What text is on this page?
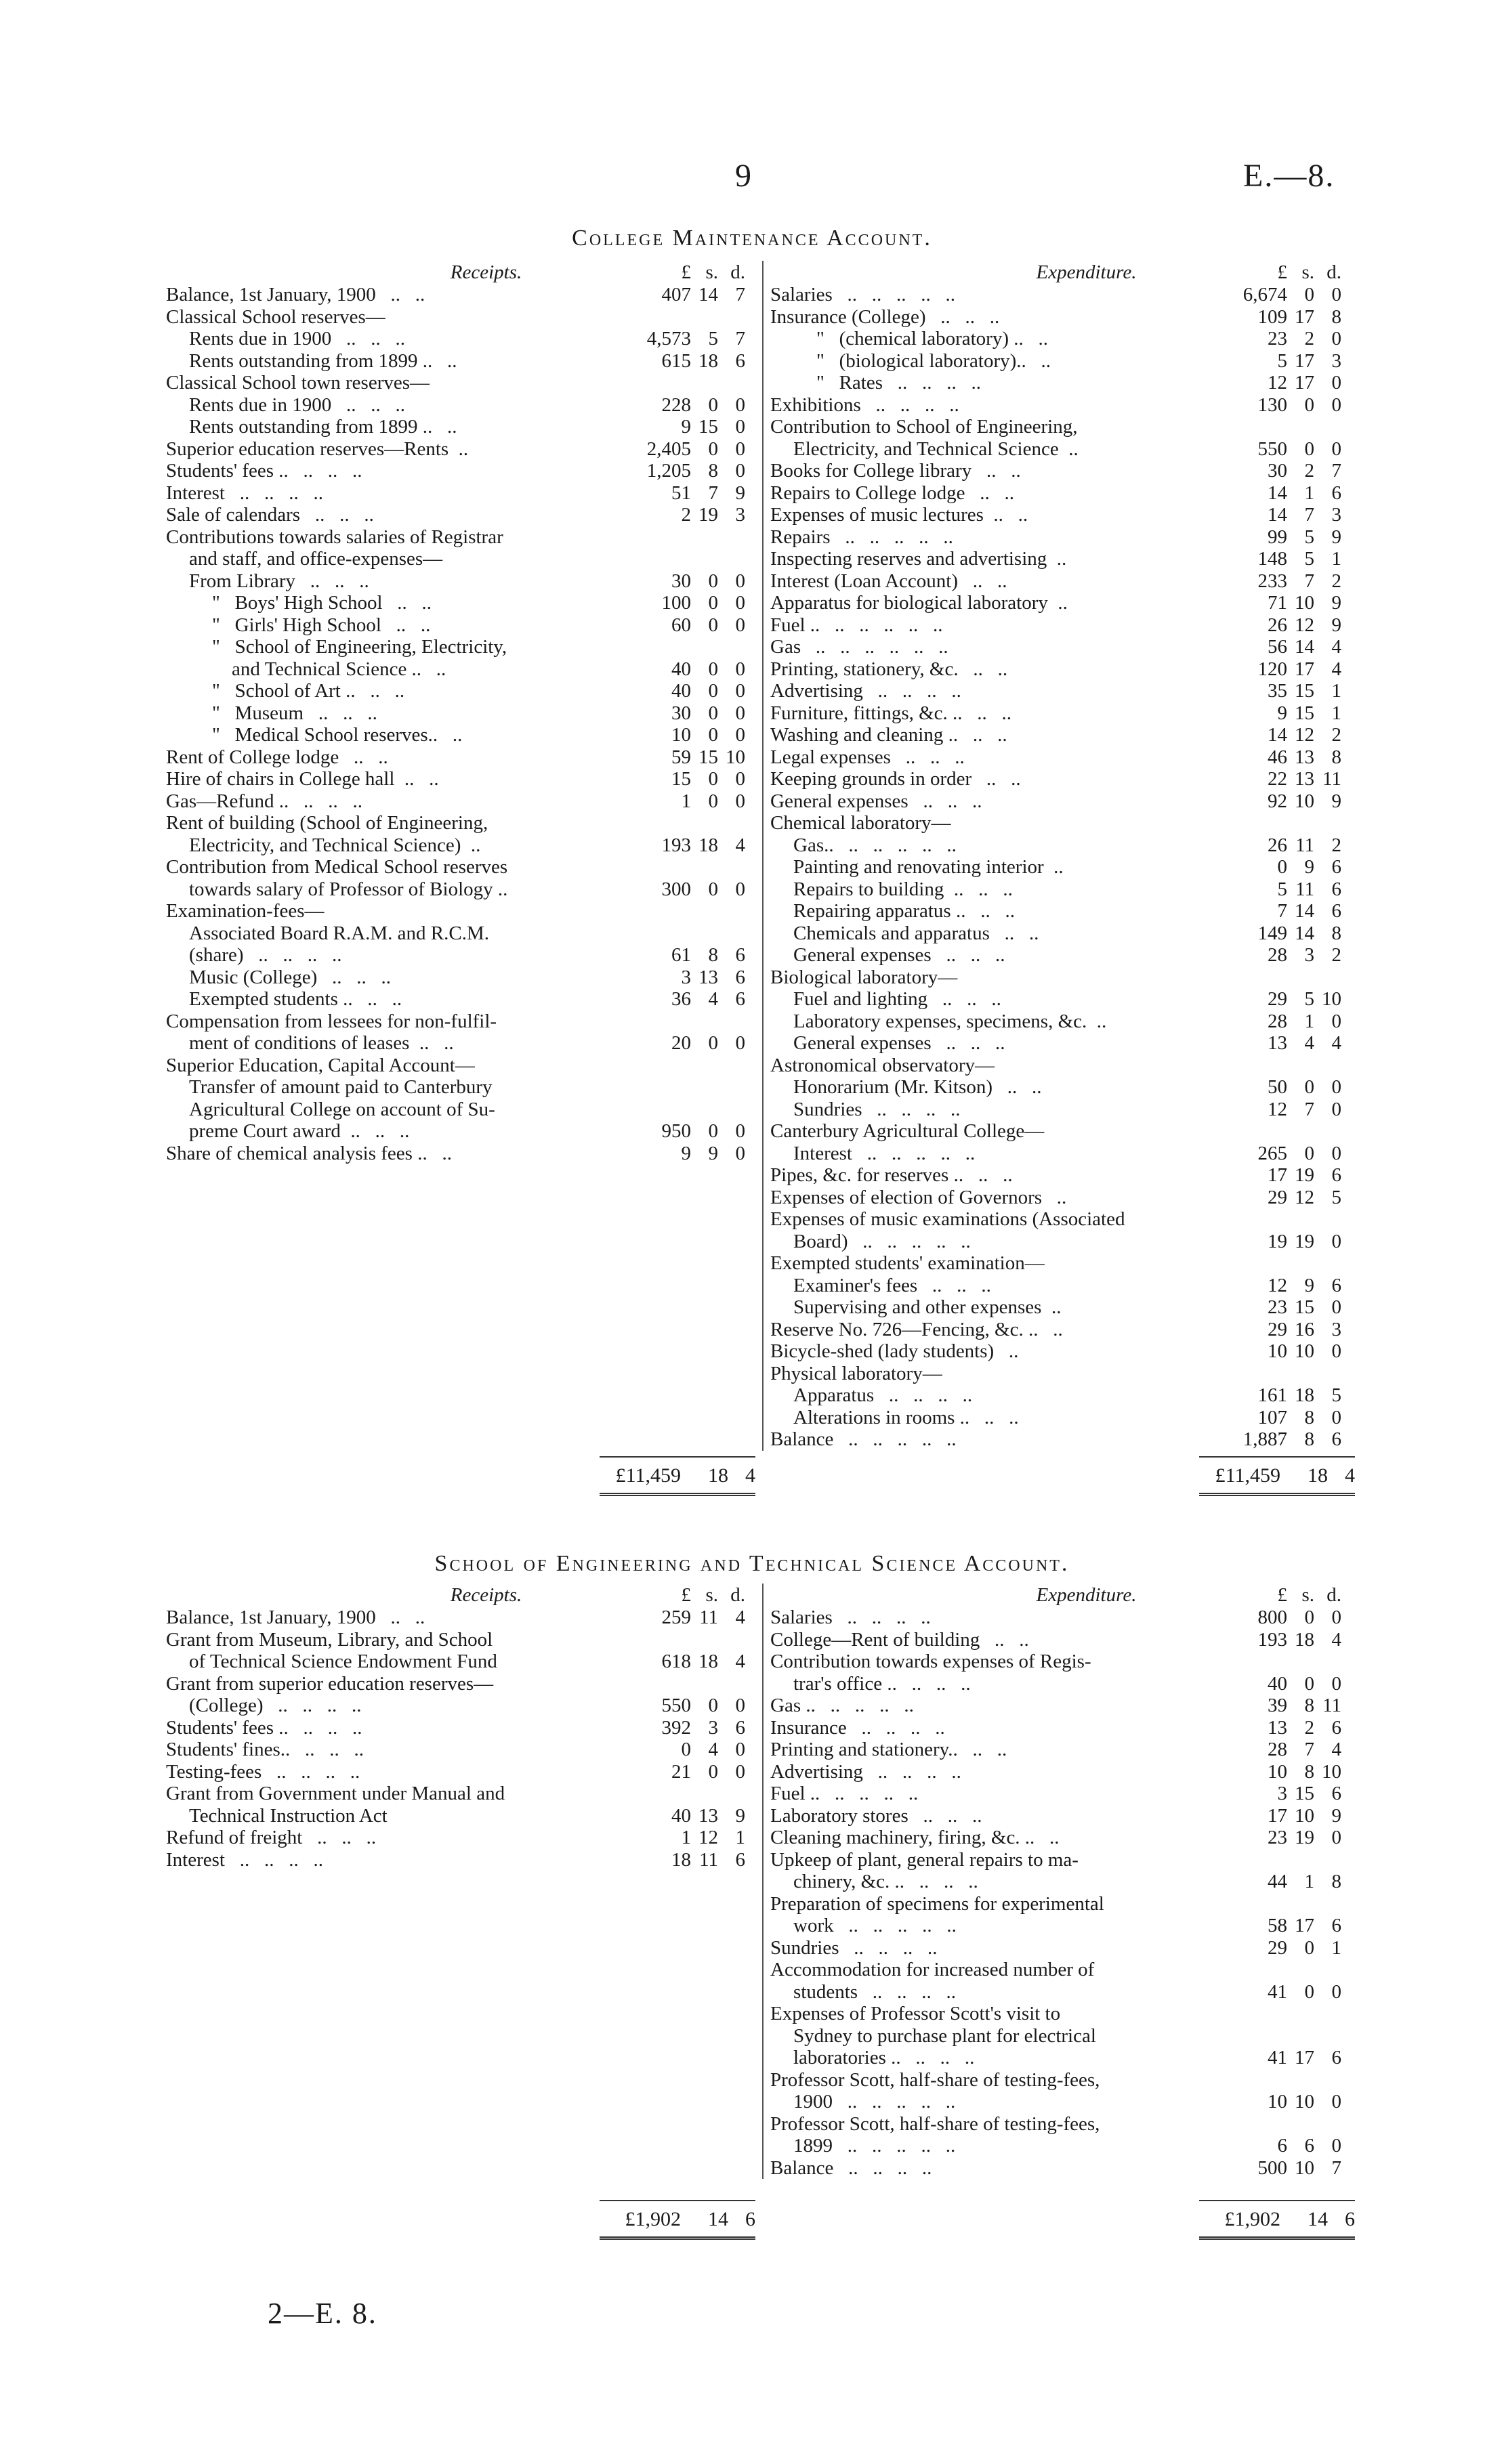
9	E.—8.
College Maintenance Account.
Receipts.	£ s. d.
Balance, 1st January, 1900   ..   ..	407 14 7
Classical School reserves—
Rents due in 1900   ..   ..   ..	4,573 5 7
Rents outstanding from 1899 ..   ..	615 18 6
Classical School town reserves—
Rents due in 1900   ..   ..   ..	228 0 0
Rents outstanding from 1899 ..   ..	9 15 0
Superior education reserves—Rents  ..	2,405 0 0
Students' fees ..   ..   ..   ..	1,205 8 0
Interest   ..   ..   ..   ..	51 7 9
Sale of calendars   ..   ..   ..	2 19 3
Contributions towards salaries of Registrar
and staff, and office-expenses—
From Library   ..   ..   ..	30 0 0
"   Boys' High School   ..   ..	100 0 0
"   Girls' High School   ..   ..	60 0 0
"   School of Engineering, Electricity,
and Technical Science ..   ..	40 0 0
"   School of Art ..   ..   ..	40 0 0
"   Museum   ..   ..   ..	30 0 0
"   Medical School reserves..   ..	10 0 0
Rent of College lodge   ..   ..	59 15 10
Hire of chairs in College hall  ..   ..	15 0 0
Gas—Refund ..   ..   ..   ..	1 0 0
Rent of building (School of Engineering,
Electricity, and Technical Science)  ..	193 18 4
Contribution from Medical School reserves
towards salary of Professor of Biology ..	300 0 0
Examination-fees—
Associated Board R.A.M. and R.C.M.
(share)   ..   ..   ..   ..	61 8 6
Music (College)   ..   ..   ..	3 13 6
Exempted students ..   ..   ..	36 4 6
Compensation from lessees for non-fulfil-
ment of conditions of leases  ..   ..	20 0 0
Superior Education, Capital Account—
Transfer of amount paid to Canterbury
Agricultural College on account of Su-
preme Court award  ..   ..   ..	950 0 0
Share of chemical analysis fees ..   ..	9 9 0
Expenditure.	£ s. d.
Salaries   ..   ..   ..   ..   ..	6,674 0 0
Insurance (College)   ..   ..   ..	109 17 8
"   (chemical laboratory) ..   ..	23 2 0
"   (biological laboratory)..   ..	5 17 3
"   Rates   ..   ..   ..   ..	12 17 0
Exhibitions   ..   ..   ..   ..	130 0 0
Contribution to School of Engineering,
Electricity, and Technical Science  ..	550 0 0
Books for College library   ..   ..	30 2 7
Repairs to College lodge   ..   ..	14 1 6
Expenses of music lectures  ..   ..	14 7 3
Repairs   ..   ..   ..   ..   ..	99 5 9
Inspecting reserves and advertising  ..	148 5 1
Interest (Loan Account)   ..   ..	233 7 2
Apparatus for biological laboratory  ..	71 10 9
Fuel ..   ..   ..   ..   ..   ..	26 12 9
Gas   ..   ..   ..   ..   ..   ..	56 14 4
Printing, stationery, &c.   ..   ..	120 17 4
Advertising   ..   ..   ..   ..	35 15 1
Furniture, fittings, &c. ..   ..   ..	9 15 1
Washing and cleaning ..   ..   ..	14 12 2
Legal expenses   ..   ..   ..	46 13 8
Keeping grounds in order   ..   ..	22 13 11
General expenses   ..   ..   ..	92 10 9
Chemical laboratory—
Gas..   ..   ..   ..   ..   ..	26 11 2
Painting and renovating interior  ..	0 9 6
Repairs to building  ..   ..   ..	5 11 6
Repairing apparatus ..   ..   ..	7 14 6
Chemicals and apparatus   ..   ..	149 14 8
General expenses   ..   ..   ..	28 3 2
Biological laboratory—
Fuel and lighting   ..   ..   ..	29 5 10
Laboratory expenses, specimens, &c.  ..	28 1 0
General expenses   ..   ..   ..	13 4 4
Astronomical observatory—
Honorarium (Mr. Kitson)   ..   ..	50 0 0
Sundries   ..   ..   ..   ..	12 7 0
Canterbury Agricultural College—
Interest   ..   ..   ..   ..   ..	265 0 0
Pipes, &c. for reserves ..   ..   ..	17 19 6
Expenses of election of Governors   ..	29 12 5
Expenses of music examinations (Associated
Board)   ..   ..   ..   ..   ..	19 19 0
Exempted students' examination—
Examiner's fees   ..   ..   ..	12 9 6
Supervising and other expenses  ..	23 15 0
Reserve No. 726—Fencing, &c. ..   ..	29 16 3
Bicycle-shed (lady students)   ..	10 10 0
Physical laboratory—
Apparatus   ..   ..   ..   ..	161 18 5
Alterations in rooms ..   ..   ..	107 8 0
Balance   ..   ..   ..   ..   ..	1,887 8 6
£11,459	18 4	£11,459	18 4
School of Engineering and Technical Science Account.
Receipts.	£ s. d.
Balance, 1st January, 1900   ..   ..	259 11 4
Grant from Museum, Library, and School
of Technical Science Endowment Fund	618 18 4
Grant from superior education reserves—
(College)   ..   ..   ..   ..	550 0 0
Students' fees ..   ..   ..   ..	392 3 6
Students' fines..   ..   ..   ..	0 4 0
Testing-fees   ..   ..   ..   ..	21 0 0
Grant from Government under Manual and
Technical Instruction Act	40 13 9
Refund of freight   ..   ..   ..	1 12 1
Interest   ..   ..   ..   ..	18 11 6
Expenditure.	£ s. d.
Salaries   ..   ..   ..   ..	800 0 0
College—Rent of building   ..   ..	193 18 4
Contribution towards expenses of Regis-
trar's office ..   ..   ..   ..	40 0 0
Gas ..   ..   ..   ..   ..	39 8 11
Insurance   ..   ..   ..   ..	13 2 6
Printing and stationery..   ..   ..	28 7 4
Advertising   ..   ..   ..   ..	10 8 10
Fuel ..   ..   ..   ..   ..	3 15 6
Laboratory stores   ..   ..   ..	17 10 9
Cleaning machinery, firing, &c. ..   ..	23 19 0
Upkeep of plant, general repairs to ma-
chinery, &c. ..   ..   ..   ..	44 1 8
Preparation of specimens for experimental
work   ..   ..   ..   ..   ..	58 17 6
Sundries   ..   ..   ..   ..	29 0 1
Accommodation for increased number of
students   ..   ..   ..   ..	41 0 0
Expenses of Professor Scott's visit to
Sydney to purchase plant for electrical
laboratories ..   ..   ..   ..	41 17 6
Professor Scott, half-share of testing-fees,
1900   ..   ..   ..   ..   ..	10 10 0
Professor Scott, half-share of testing-fees,
1899   ..   ..   ..   ..   ..	6 6 0
Balance   ..   ..   ..   ..	500 10 7
£1,902	14 6	£1,902	14 6
2—E. 8.
